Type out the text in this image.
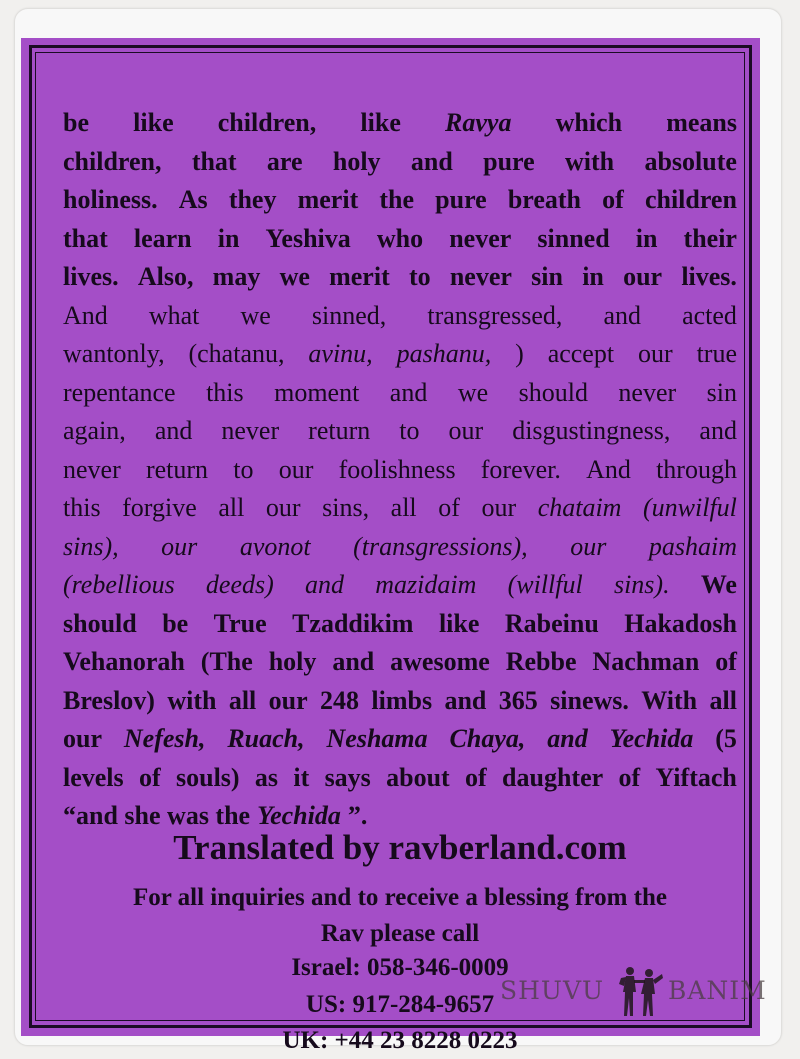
be like children, like Ravya which means
children, that are holy and pure with absolute
holiness. As they merit the pure breath of children
that learn in Yeshiva who never sinned in their
lives. Also, may we merit to never sin in our lives.
And what we sinned, transgressed, and acted
wantonly, (chatanu, avinu, pashanu, ) accept our true
repentance this moment and we should never sin
again, and never return to our disgustingness, and
never return to our foolishness forever. And through
this forgive all our sins, all of our chataim (unwilful
sins), our avonot (transgressions), our pashaim
(rebellious deeds) and mazidaim (willful sins). We
should be True Tzaddikim like Rabeinu Hakadosh
Vehanorah (The holy and awesome Rebbe Nachman of
Breslov) with all our 248 limbs and 365 sinews. With all
our Nefesh, Ruach, Neshama Chaya, and Yechida (5
levels of souls) as it says about of daughter of Yiftach
“and she was the Yechida ”.
Translated by ravberland.com
For all inquiries and to receive a blessing from the
Rav please call
Israel: 058-346-0009
US: 917-284-9657
UK: +44 23 8228 0223
SHUVU	BANIM
